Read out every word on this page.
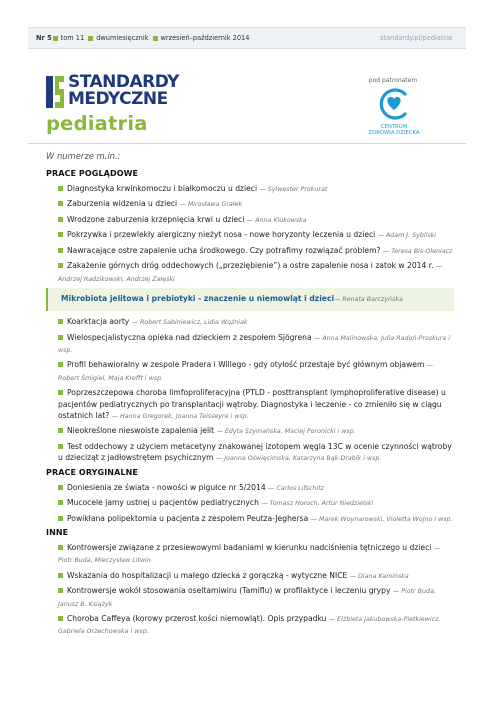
Nr 5 tom 11 dwumiesięcznik wrzesień–październik 2014	standardy.pl/pediatria
STANDARDY
MEDYCZNE
pediatria
pod patronatem
CENTRUM
ZDROWIA DZIECKA
W numerze m.in.:
PRACE POGLĄDOWE
Diagnostyka krwinkomoczu i białkomoczu u dzieci — Sylwester Prokurat
Zaburzenia widzenia u dzieci — Mirosława Grałek
Wrodzone zaburzenia krzepnięcia krwi u dzieci — Anna Klukowska
Pokrzywka i przewlekły alergiczny nieżyt nosa - nowe horyzonty leczenia u dzieci — Adam J. Sybilski
Nawracające ostre zapalenie ucha środkowego. Czy potrafimy rozwiązać problem? — Teresa Bis-Oleniacz
Zakażenie górnych dróg oddechowych („przeziębienie”) a ostre zapalenie nosa i zatok w 2014 r. — Andrzej Radzikowski, Andrzej Załęski
Mikrobiota jelitowa i prebiotyki - znaczenie u niemowląt i dzieci— Renata Barczyńska
Koarktacja aorty — Robert Sabiniewicz, Lidia Woźniak
Wielospecjalistyczna opieka nad dzieckiem z zespołem Sjögrena — Anna Malinowska, Julia Radoń-Proskura i wsp.
Profil behawioralny w zespole Pradera i Willego - gdy otyłość przestaje być głównym objawem — Robert Śmigiel, Maja Krefft i wsp.
Poprzeszczepowa choroba limfoproliferacyjna (PTLD - posttransplant lymphoproliferative disease) u pacjentów pediatrycznych po transplantacji wątroby. Diagnostyka i leczenie - co zmieniło się w ciągu ostatnich lat? — Hanna Gregorek, Joanna Teisseyre i wsp.
Nieokreślone nieswoiste zapalenia jelit — Edyta Szymańska, Maciej Poronicki i wsp.
Test oddechowy z użyciem metacetyny znakowanej izotopem węgla 13C w ocenie czynności wątroby u dzieciząt z jadłowstrętem psychicznym — Joanna Oświęcimska, Katarzyna Bąk-Drabik i wsp.
PRACE ORYGINALNE
Doniesienia ze świata - nowości w pigułce nr 5/2014 — Carlos Lifschitz
Mucocele jamy ustnej u pacjentów pediatrycznych — Tomasz Horoch, Artur Niedzielski
Powikłana polipektomia u pacjenta z zespołem Peutza-Jeghersa — Marek Woynarowski, Violetta Wojno i wsp.
INNE
Kontrowersje związane z przesiewowymi badaniami w kierunku nadciśnienia tętniczego u dzieci — Piotr Buda, Mieczysław Litwin
Wskazania do hospitalizacji u małego dziecka z gorączką - wytyczne NICE — Diana Kamińska
Kontrowersje wokół stosowania oseltamiwiru (Tamiflu) w profilaktyce i leczeniu grypy — Piotr Buda, Janusz B. Książyk
Choroba Caffeya (korowy przerost kości niemowląt). Opis przypadku — Elżbieta Jakubowska-Pietkiewicz, Gabriela Orzechowska i wsp.
